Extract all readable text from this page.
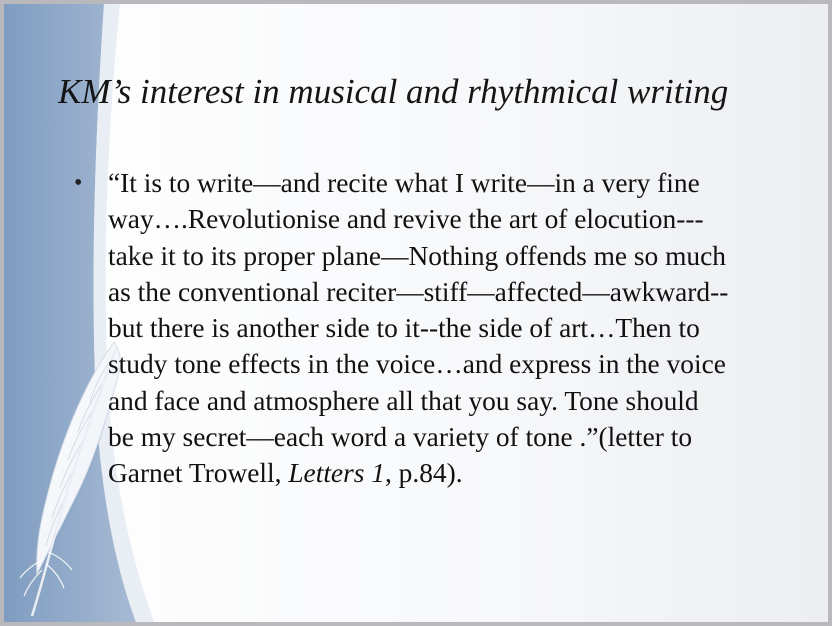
KM’s interest in musical and rhythmical writing
• “It is to write—and recite what I write—in a very fine
way….Revolutionise and revive the art of elocution---
take it to its proper plane—Nothing offends me so much
as the conventional reciter—stiff—affected—awkward--
but there is another side to it--the side of art…Then to
study tone effects in the voice…and express in the voice
and face and atmosphere all that you say. Tone should
be my secret—each word a variety of tone .”(letter to
Garnet Trowell, Letters 1, p.84).
